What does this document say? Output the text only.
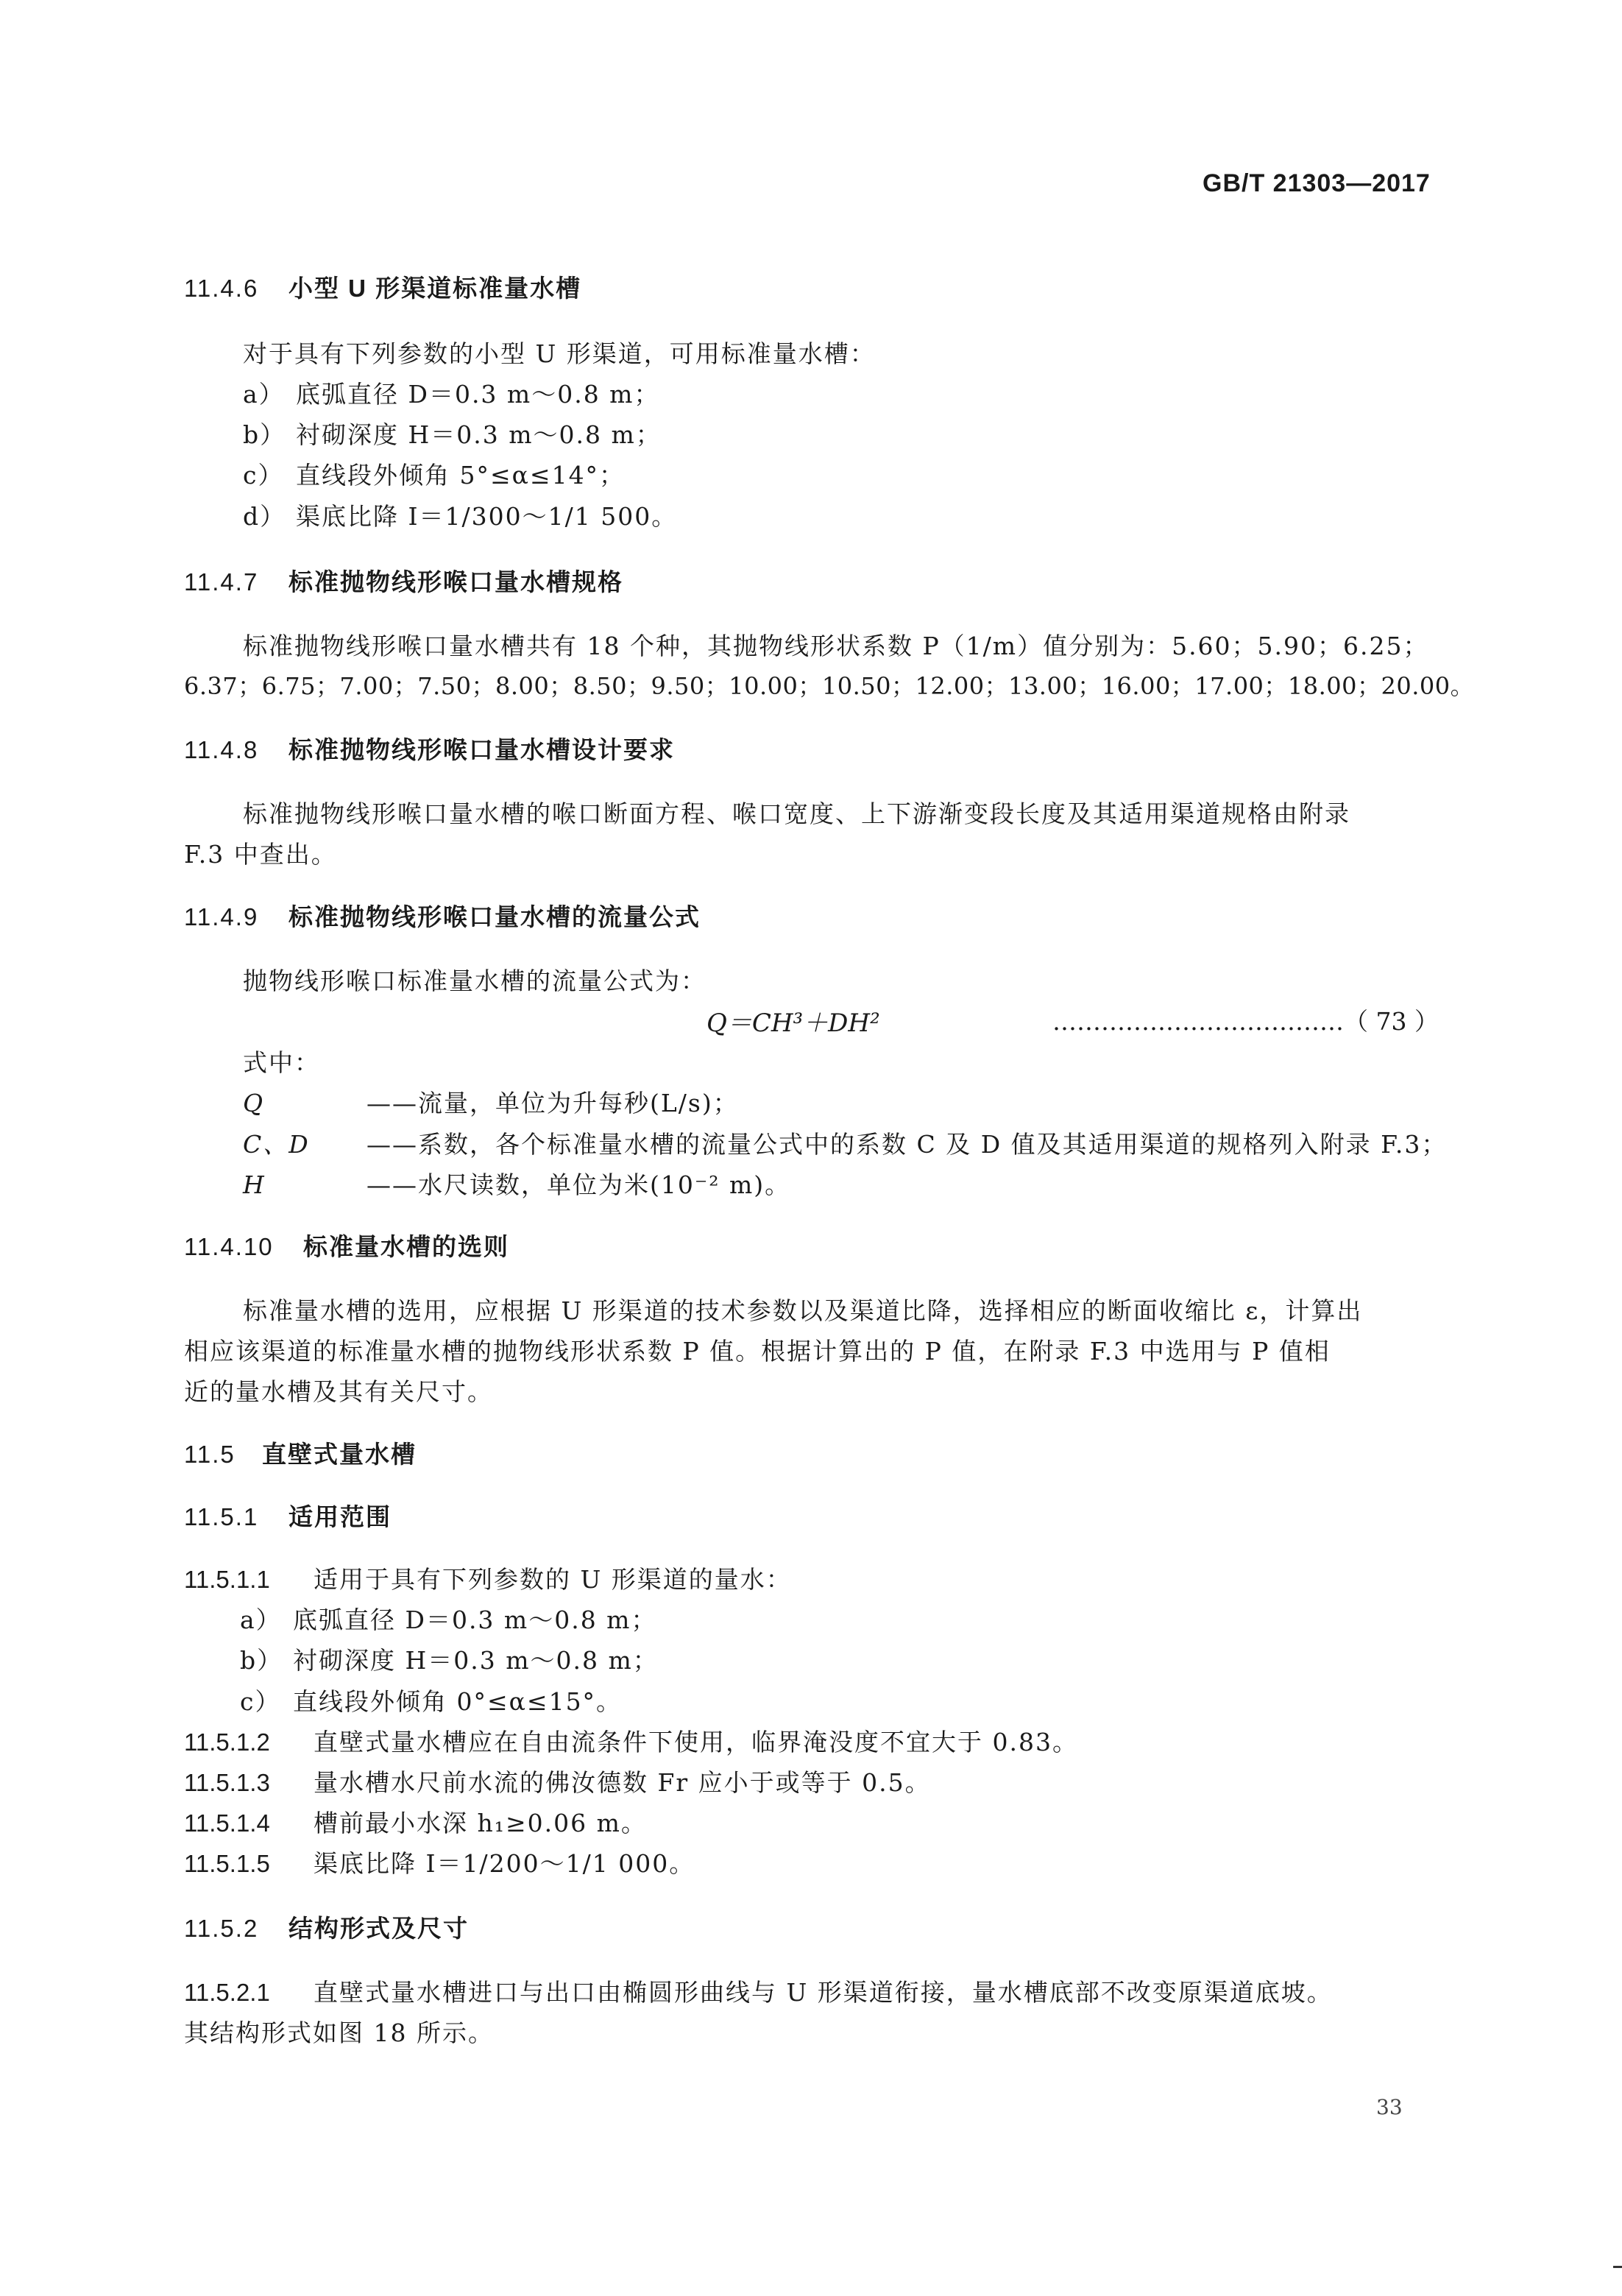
GB/T 21303—2017
11.4.6 小型 U 形渠道标准量水槽
对于具有下列参数的小型 U 形渠道，可用标准量水槽：
a） 底弧直径 D＝0.3 m～0.8 m；
b） 衬砌深度 H＝0.3 m～0.8 m；
c） 直线段外倾角 5°≤α≤14°；
d） 渠底比降 I＝1/300～1/1 500。
11.4.7 标准抛物线形喉口量水槽规格
标准抛物线形喉口量水槽共有 18 个种，其抛物线形状系数 P（1/m）值分别为：5.60；5.90；6.25；
6.37；6.75；7.00；7.50；8.00；8.50；9.50；10.00；10.50；12.00；13.00；16.00；17.00；18.00；20.00。
11.4.8 标准抛物线形喉口量水槽设计要求
标准抛物线形喉口量水槽的喉口断面方程、喉口宽度、上下游渐变段长度及其适用渠道规格由附录
F.3 中查出。
11.4.9 标准抛物线形喉口量水槽的流量公式
抛物线形喉口标准量水槽的流量公式为：
Q＝CH³＋DH²	………………………………（ 73 ）
式中：
Q	——流量，单位为升每秒(L/s)；
C、D ——系数，各个标准量水槽的流量公式中的系数 C 及 D 值及其适用渠道的规格列入附录 F.3；
H	——水尺读数，单位为米(10⁻² m)。
11.4.10 标准量水槽的选则
标准量水槽的选用，应根据 U 形渠道的技术参数以及渠道比降，选择相应的断面收缩比 ε，计算出
相应该渠道的标准量水槽的抛物线形状系数 P 值。根据计算出的 P 值，在附录 F.3 中选用与 P 值相
近的量水槽及其有关尺寸。
11.5 直壁式量水槽
11.5.1 适用范围
11.5.1.1 适用于具有下列参数的 U 形渠道的量水：
a） 底弧直径 D＝0.3 m～0.8 m；
b） 衬砌深度 H＝0.3 m～0.8 m；
c） 直线段外倾角 0°≤α≤15°。
11.5.1.2 直壁式量水槽应在自由流条件下使用，临界淹没度不宜大于 0.83。
11.5.1.3 量水槽水尺前水流的佛汝德数 Fr 应小于或等于 0.5。
11.5.1.4 槽前最小水深 h₁≥0.06 m。
11.5.1.5 渠底比降 I＝1/200～1/1 000。
11.5.2 结构形式及尺寸
11.5.2.1 直壁式量水槽进口与出口由椭圆形曲线与 U 形渠道衔接，量水槽底部不改变原渠道底坡。
其结构形式如图 18 所示。
33
